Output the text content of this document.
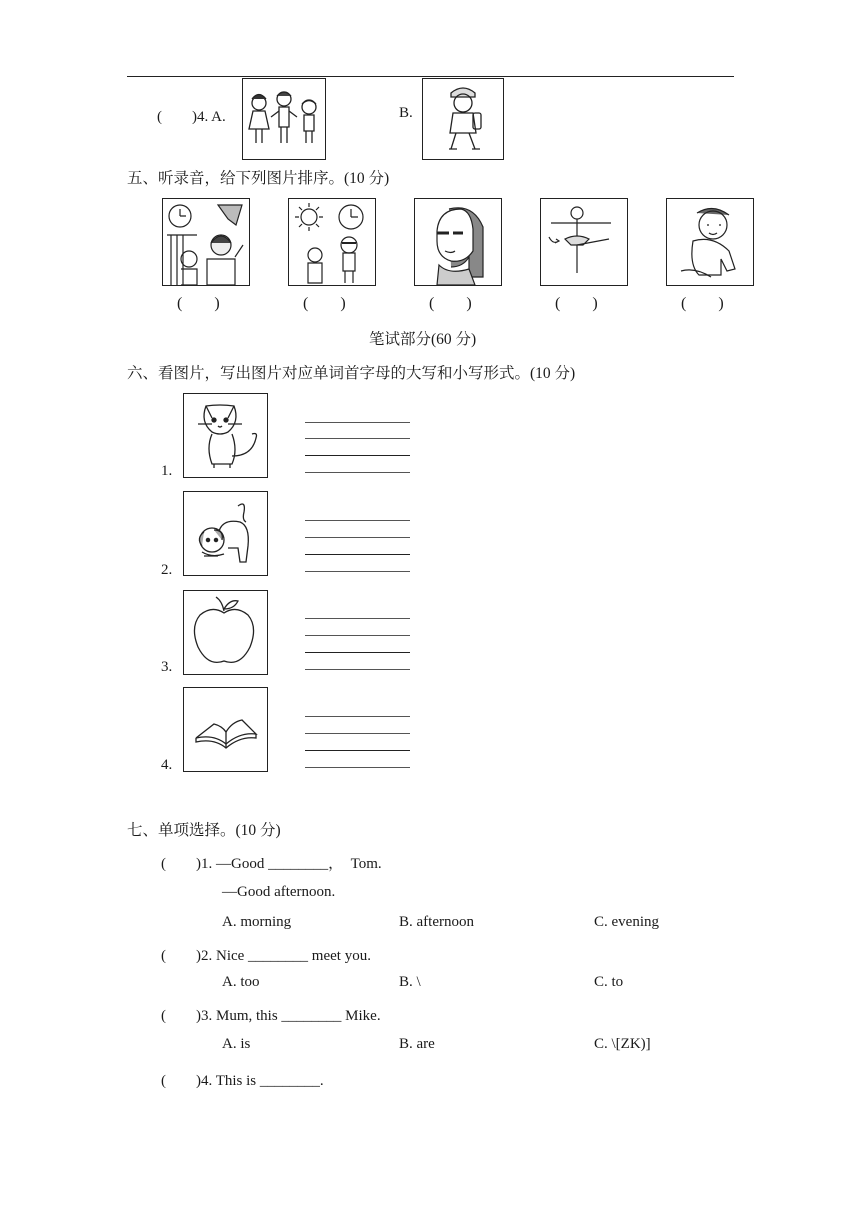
(　　)4. A.	B.
五、听录音，给下列图片排序。(10 分)
(　　)	(　　)	(　　)	(　　)	(　　)
笔试部分(60 分)
六、看图片，写出图片对应单词首字母的大写和小写形式。(10 分)
1.
2.
3.
4.
七、单项选择。(10 分)
(　　)1. —Good ________，　Tom.
—Good afternoon.
A. morning	B. afternoon	C. evening
(　　)2. Nice ________ meet you.
A. too	B. \	C. to
(　　)3. Mum, this ________ Mike.
A. is	B. are	C. \[ZK)]
(　　)4. This is ________.
